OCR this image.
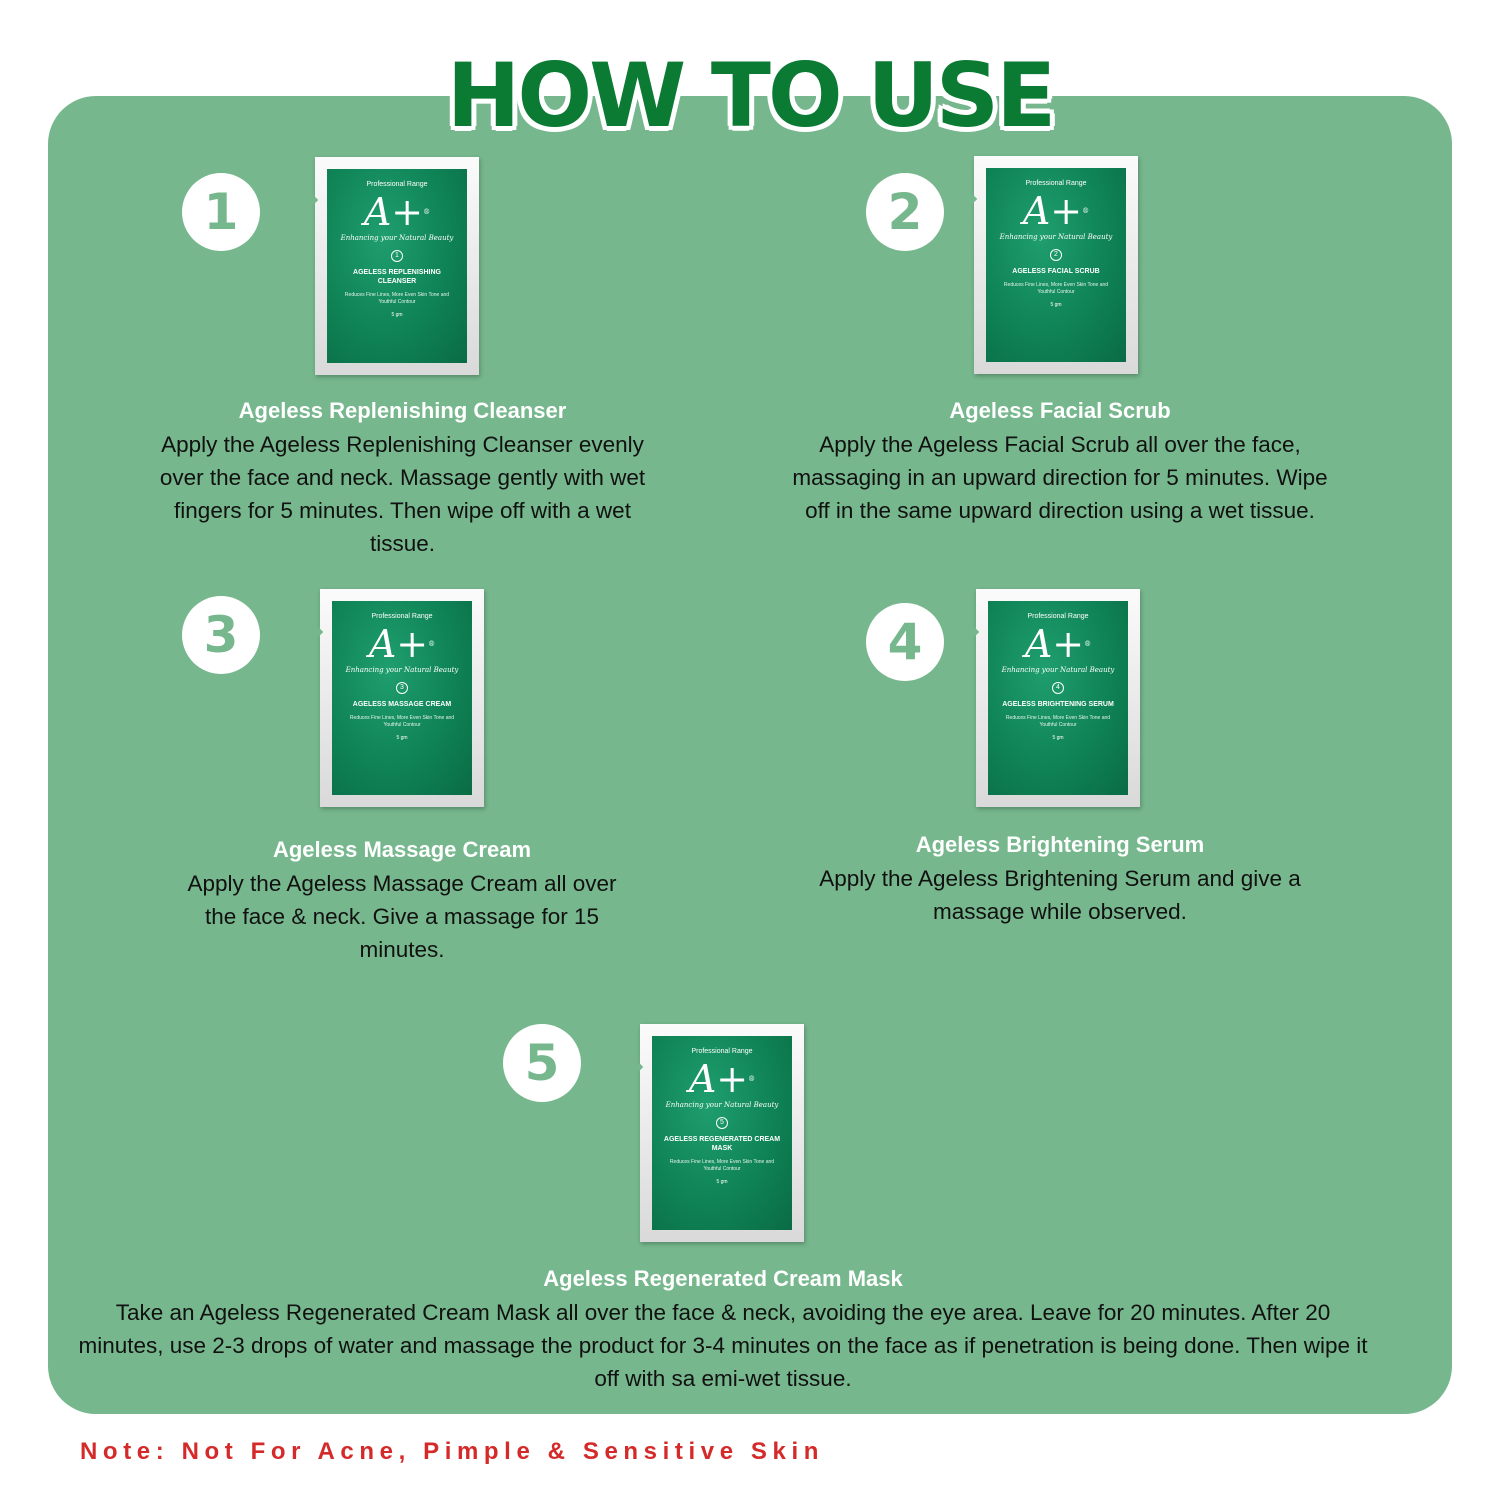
HOW TO USE
1	Professional Range
A+®
Enhancing your Natural Beauty
1
AGELESS REPLENISHING CLEANSER
Reduces Fine Lines, More Even Skin Tone and Youthful Contour
5 gm
Ageless Replenishing Cleanser

Apply the Ageless Replenishing Cleanser evenly over the face and neck. Massage gently with wet fingers for 5 minutes. Then wipe off with a wet tissue.

2	Professional Range
A+®
Enhancing your Natural Beauty
2
AGELESS FACIAL SCRUB
Reduces Fine Lines, More Even Skin Tone and Youthful Contour
5 gm
Ageless Facial Scrub

Apply the Ageless Facial Scrub all over the face, massaging in an upward direction for 5 minutes. Wipe off in the same upward direction using a wet tissue.

3	Professional Range
A+®
Enhancing your Natural Beauty
3
AGELESS MASSAGE CREAM
Reduces Fine Lines, More Even Skin Tone and Youthful Contour
5 gm
Ageless Massage Cream

Apply the Ageless Massage Cream all over the face & neck. Give a massage for 15 minutes.

4	Professional Range
A+®
Enhancing your Natural Beauty
4
AGELESS BRIGHTENING SERUM
Reduces Fine Lines, More Even Skin Tone and Youthful Contour
5 gm
Ageless Brightening Serum

Apply the Ageless Brightening Serum and give a massage while observed.

5	Professional Range
A+®
Enhancing your Natural Beauty
5
AGELESS REGENERATED CREAM MASK
Reduces Fine Lines, More Even Skin Tone and Youthful Contour
5 gm
Ageless Regenerated Cream Mask

Take an Ageless Regenerated Cream Mask all over the face & neck, avoiding the eye area. Leave for 20 minutes. After 20 minutes, use 2-3 drops of water and massage the product for 3-4 minutes on the face as if penetration is being done. Then wipe it off with sa emi-wet tissue.

Note: Not For Acne, Pimple & Sensitive Skin
